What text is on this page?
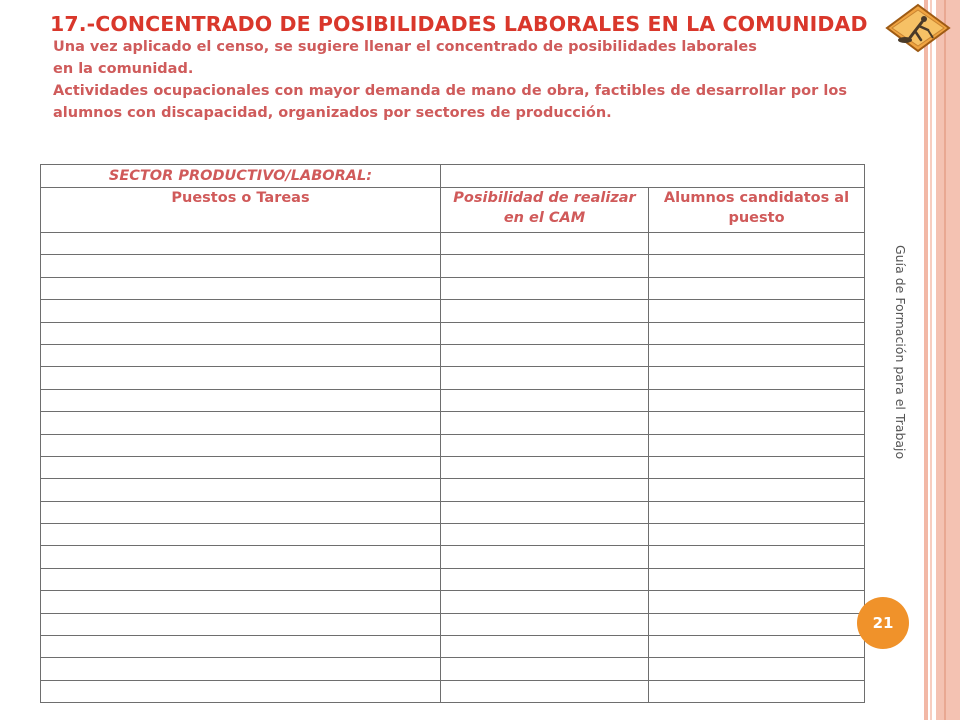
17.-CONCENTRADO DE POSIBILIDADES LABORALES EN LA COMUNIDAD

Una vez aplicado el censo, se sugiere llenar el concentrado de posibilidades laborales en la comunidad.

Actividades ocupacionales con mayor demanda de mano de obra, factibles de desarrollar por los alumnos con discapacidad, organizados por sectores de producción.

SECTOR PRODUCTIVO/LABORAL:		
Puestos o Tareas	Posibilidad de realizar en el CAM	Alumnos candidatos al puesto

Guía de Formación para el Trabajo
21
